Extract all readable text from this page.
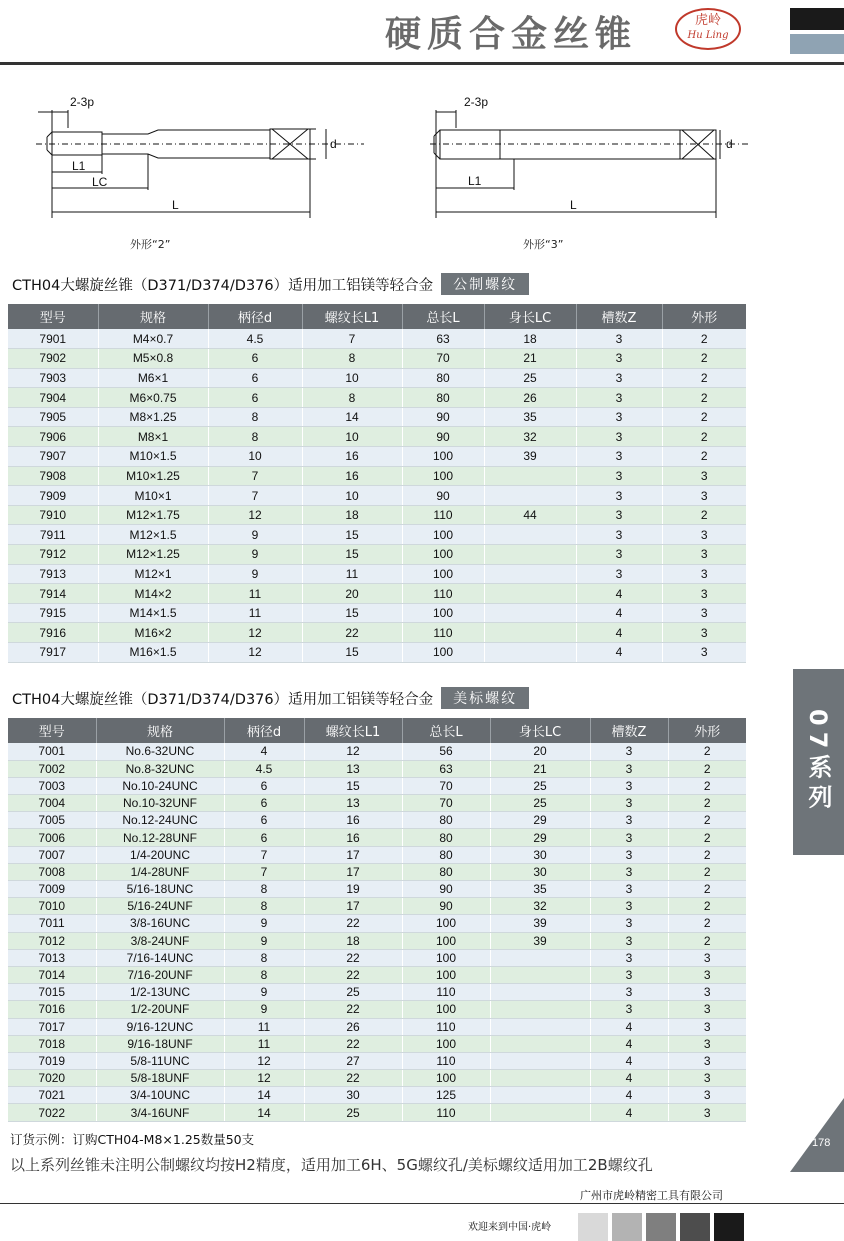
硬质合金丝锥	虎岭
Hu Ling
2-3p
L1
LC
L
d
外形“2”
2-3p
L1
L
d
外形“3”
CTH04大螺旋丝锥（D371/D374/D376）适用加工铝镁等轻合金	公制螺纹
型号	规格	柄径d	螺纹长L1	总长L	身长LC	槽数Z	外形
7901	M4×0.7	4.5	7	63	18	3	2
7902	M5×0.8	6	8	70	21	3	2
7903	M6×1	6	10	80	25	3	2
7904	M6×0.75	6	8	80	26	3	2
7905	M8×1.25	8	14	90	35	3	2
7906	M8×1	8	10	90	32	3	2
7907	M10×1.5	10	16	100	39	3	2
7908	M10×1.25	7	16	100		3	3
7909	M10×1	7	10	90		3	3
7910	M12×1.75	12	18	110	44	3	2
7911	M12×1.5	9	15	100		3	3
7912	M12×1.25	9	15	100		3	3
7913	M12×1	9	11	100		3	3
7914	M14×2	11	20	110		4	3
7915	M14×1.5	11	15	100		4	3
7916	M16×2	12	22	110		4	3
7917	M16×1.5	12	15	100		4	3
CTH04大螺旋丝锥（D371/D374/D376）适用加工铝镁等轻合金	美标螺纹
型号	规格	柄径d	螺纹长L1	总长L	身长LC	槽数Z	外形
7001	No.6-32UNC	4	12	56	20	3	2
7002	No.8-32UNC	4.5	13	63	21	3	2
7003	No.10-24UNC	6	15	70	25	3	2
7004	No.10-32UNF	6	13	70	25	3	2
7005	No.12-24UNC	6	16	80	29	3	2
7006	No.12-28UNF	6	16	80	29	3	2
7007	1/4-20UNC	7	17	80	30	3	2
7008	1/4-28UNF	7	17	80	30	3	2
7009	5/16-18UNC	8	19	90	35	3	2
7010	5/16-24UNF	8	17	90	32	3	2
7011	3/8-16UNC	9	22	100	39	3	2
7012	3/8-24UNF	9	18	100	39	3	2
7013	7/16-14UNC	8	22	100		3	3
7014	7/16-20UNF	8	22	100		3	3
7015	1/2-13UNC	9	25	110		3	3
7016	1/2-20UNF	9	22	100		3	3
7017	9/16-12UNC	11	26	110		4	3
7018	9/16-18UNF	11	22	100		4	3
7019	5/8-11UNC	12	27	110		4	3
7020	5/8-18UNF	12	22	100		4	3
7021	3/4-10UNC	14	30	125		4	3
7022	3/4-16UNF	14	25	110		4	3
07系列
178
订货示例：订购CTH04-M8×1.25数量50支
以上系列丝锥未注明公制螺纹均按H2精度，适用加工6H、5G螺纹孔/美标螺纹适用加工2B螺纹孔
广州市虎岭精密工具有限公司
欢迎来到中国·虎岭
